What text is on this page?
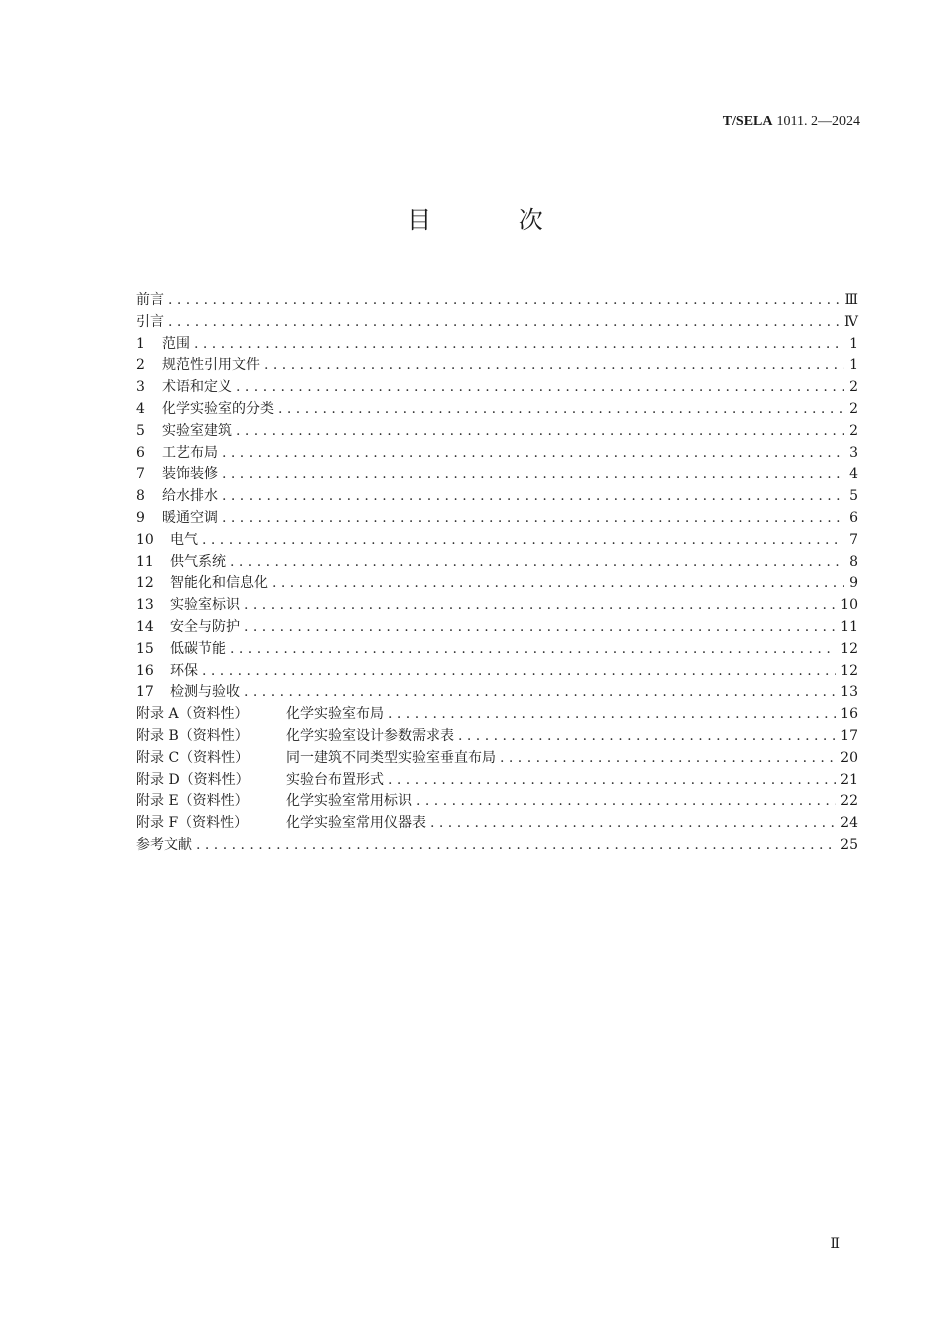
T/SELA 1011. 2—2024
目 次
前言 . . .	Ⅲ
引言 . . .	Ⅳ
1	范围 . . .	1
2	规范性引用文件 . . .	1
3	术语和定义 . . .	2
4	化学实验室的分类 . . .	2
5	实验室建筑 . . .	2
6	工艺布局 . . .	3
7	装饰装修 . . .	4
8	给水排水 . . .	5
9	暖通空调 . . .	6
10	电气 . . .	7
11	供气系统 . . .	8
12	智能化和信息化 . . .	9
13	实验室标识 . . .	10
14	安全与防护 . . .	11
15	低碳节能 . . .	12
16	环保 . . .	12
17	检测与验收 . . .	13
附录 A（资料性）	化学实验室布局 . . .	16
附录 B（资料性）	化学实验室设计参数需求表 . . .	17
附录 C（资料性）	同一建筑不同类型实验室垂直布局 . . .	20
附录 D（资料性）	实验台布置形式 . . .	21
附录 E（资料性）	化学实验室常用标识 . . .	22
附录 F（资料性）	化学实验室常用仪器表 . . .	24
参考文献 . . .	25
Ⅱ
